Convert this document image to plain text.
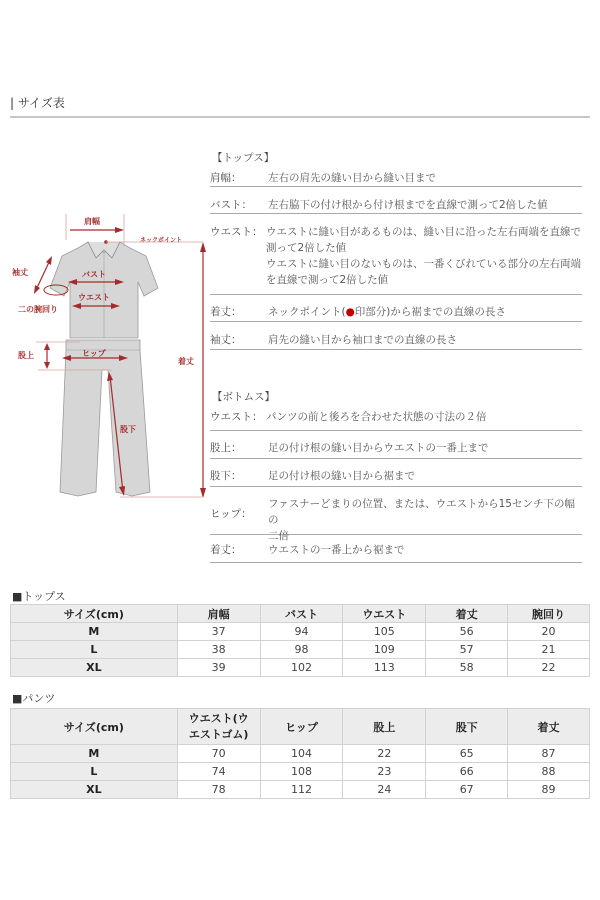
| サイズ表
肩幅
ネックポイント
袖丈	バスト
ウエスト
二の腕回り
ヒップ
股上
着丈
股下
【トップス】
肩幅：	左右の肩先の縫い目から縫い目まで
バスト： 左右脇下の付け根から付け根までを直線で測って2倍した値
ウエスト： ウエストに縫い目があるものは、縫い目に沿った左右両端を直線で
測って2倍した値
ウエストに縫い目のないものは、一番くびれている部分の左右両端
を直線で測って2倍した値
着丈：	ネックポイント(●印部分)から裾までの直線の長さ
袖丈：	肩先の縫い目から袖口までの直線の長さ
【ボトムス】
ウエスト： パンツの前と後ろを合わせた状態の寸法の２倍
股上：	足の付け根の縫い目からウエストの一番上まで
股下：	足の付け根の縫い目から裾まで
ヒップ：
ファスナーどまりの位置、または、ウエストから15センチ下の幅の
二倍
着丈：	ウエストの一番上から裾まで
■トップス
サイズ(cm)	肩幅	バスト	ウエスト	着丈	腕回り
M	37	94	105	56	20
L	38	98	109	57	21
XL	39	102	113	58	22
■パンツ
サイズ(cm)	ウエスト(ウエストゴム)	ヒップ	股上	股下	着丈
M	70	104	22	65	87
L	74	108	23	66	88
XL	78	112	24	67	89
